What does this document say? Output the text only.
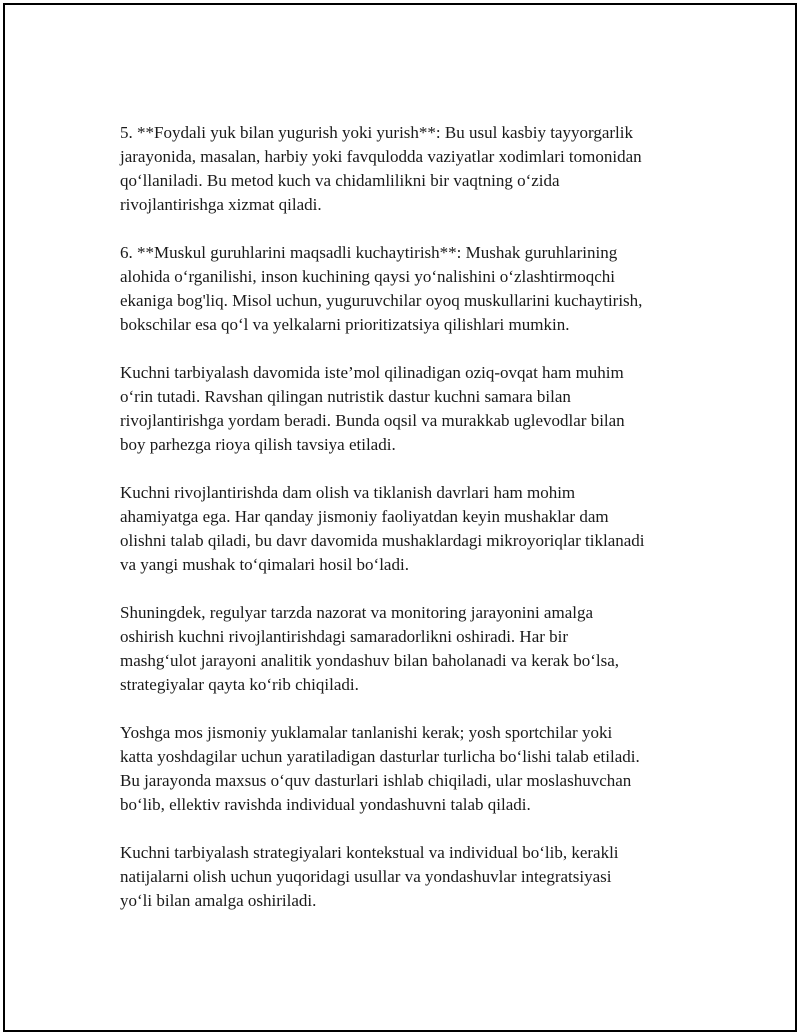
5. **Foydali yuk bilan yugurish yoki yurish**: Bu usul kasbiy tayyorgarlik
jarayonida, masalan, harbiy yoki favqulodda vaziyatlar xodimlari tomonidan
qo‘llaniladi. Bu metod kuch va chidamlilikni bir vaqtning o‘zida
rivojlantirishga xizmat qiladi.

6. **Muskul guruhlarini maqsadli kuchaytirish**: Mushak guruhlarining
alohida o‘rganilishi, inson kuchining qaysi yo‘nalishini o‘zlashtirmoqchi
ekaniga bog'liq. Misol uchun, yuguruvchilar oyoq muskullarini kuchaytirish,
bokschilar esa qo‘l va yelkalarni prioritizatsiya qilishlari mumkin.

Kuchni tarbiyalash davomida iste’mol qilinadigan oziq-ovqat ham muhim
o‘rin tutadi. Ravshan qilingan nutristik dastur kuchni samara bilan
rivojlantirishga yordam beradi. Bunda oqsil va murakkab uglevodlar bilan
boy parhezga rioya qilish tavsiya etiladi.

Kuchni rivojlantirishda dam olish va tiklanish davrlari ham mohim
ahamiyatga ega. Har qanday jismoniy faoliyatdan keyin mushaklar dam
olishni talab qiladi, bu davr davomida mushaklardagi mikroyoriqlar tiklanadi
va yangi mushak to‘qimalari hosil bo‘ladi.

Shuningdek, regulyar tarzda nazorat va monitoring jarayonini amalga
oshirish kuchni rivojlantirishdagi samaradorlikni oshiradi. Har bir
mashg‘ulot jarayoni analitik yondashuv bilan baholanadi va kerak bo‘lsa,
strategiyalar qayta ko‘rib chiqiladi.

Yoshga mos jismoniy yuklamalar tanlanishi kerak; yosh sportchilar yoki
katta yoshdagilar uchun yaratiladigan dasturlar turlicha bo‘lishi talab etiladi.
Bu jarayonda maxsus o‘quv dasturlari ishlab chiqiladi, ular moslashuvchan
bo‘lib, ellektiv ravishda individual yondashuvni talab qiladi.

Kuchni tarbiyalash strategiyalari kontekstual va individual bo‘lib, kerakli
natijalarni olish uchun yuqoridagi usullar va yondashuvlar integratsiyasi
yo‘li bilan amalga oshiriladi.
